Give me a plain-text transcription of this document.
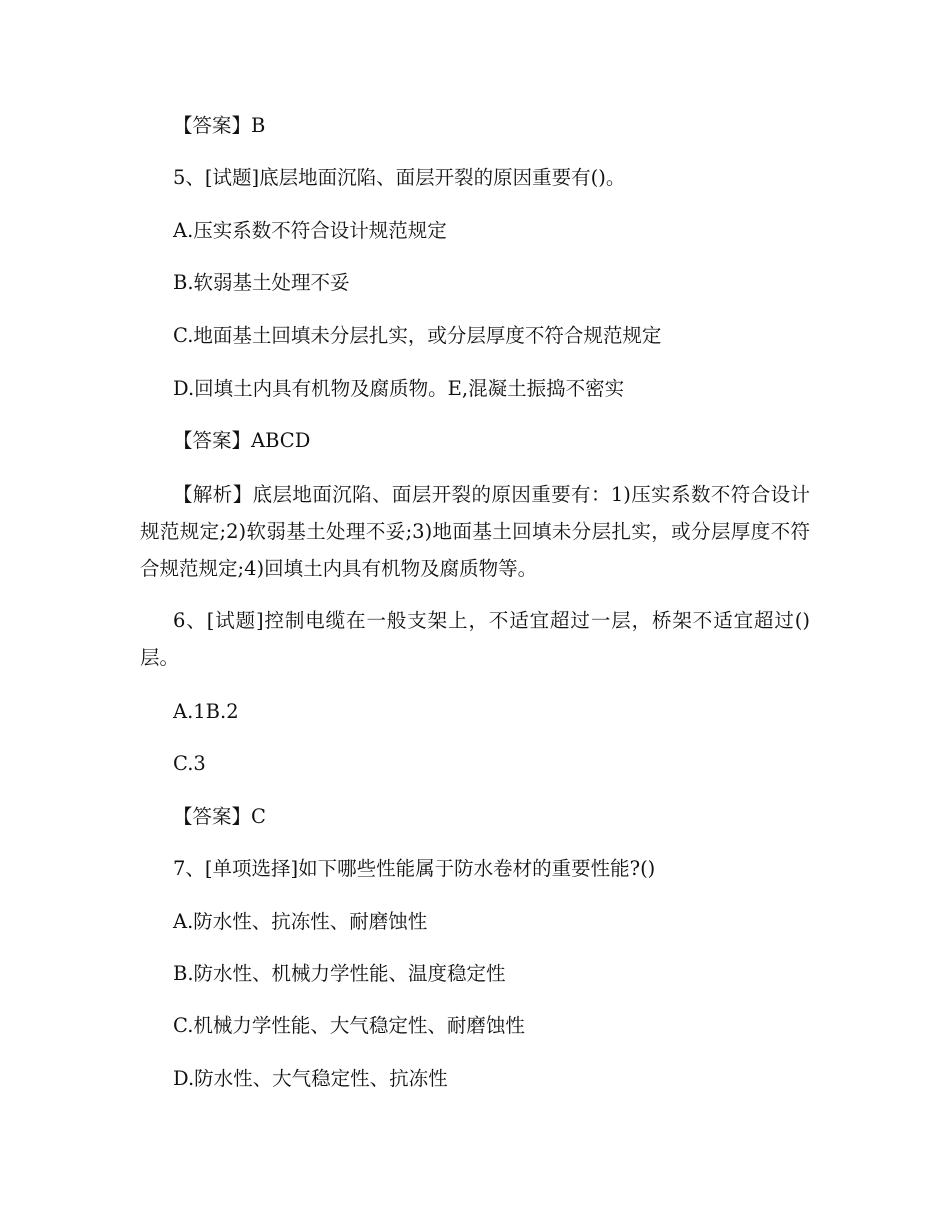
【答案】B
5、[试题]底层地面沉陷、面层开裂的原因重要有()。
A.压实系数不符合设计规范规定
B.软弱基土处理不妥
C.地面基土回填未分层扎实，或分层厚度不符合规范规定
D.回填土内具有机物及腐质物。E,混凝土振捣不密实
【答案】ABCD
【解析】底层地面沉陷、面层开裂的原因重要有：1)压实系数不符合设计规范规定;2)软弱基土处理不妥;3)地面基土回填未分层扎实，或分层厚度不符合规范规定;4)回填土内具有机物及腐质物等。
6、[试题]控制电缆在一般支架上，不适宜超过一层，桥架不适宜超过()层。
A.1B.2
C.3
【答案】C
7、[单项选择]如下哪些性能属于防水卷材的重要性能?()
A.防水性、抗冻性、耐磨蚀性
B.防水性、机械力学性能、温度稳定性
C.机械力学性能、大气稳定性、耐磨蚀性
D.防水性、大气稳定性、抗冻性
